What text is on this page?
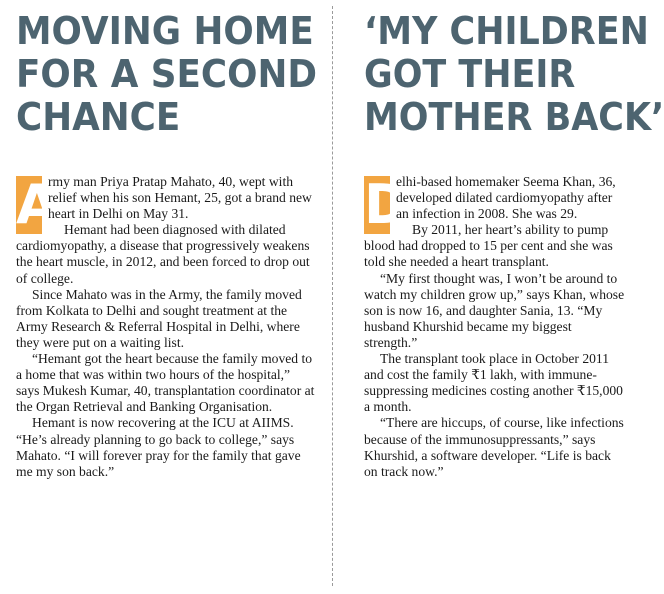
MOVING HOME
FOR A SECOND
CHANCE

A
rmy man Priya Pratap Mahato, 40, wept with relief when his son Hemant, 25, got a brand new heart in Delhi on May 31.

Hemant had been diagnosed with dilated cardiomyopathy, a disease that progressively weakens the heart muscle, in 2012, and been forced to drop out of college.

Since Mahato was in the Army, the family moved from Kolkata to Delhi and sought treatment at the Army Research & Referral Hospital in Delhi, where they were put on a waiting list.

“Hemant got the heart because the family moved to a home that was within two hours of the hospital,” says Mukesh Kumar, 40, transplantation coordinator at the Organ Retrieval and Banking Organisation.

Hemant is now recovering at the ICU at AIIMS. “He’s already planning to go back to college,” says Mahato. “I will forever pray for the family that gave me my son back.”

‘MY CHILDREN
GOT THEIR
MOTHER BACK’

D
elhi-based homemaker Seema Khan, 36, developed dilated cardiomyopathy after an infection in 2008. She was 29.

By 2011, her heart’s ability to pump blood had dropped to 15 per cent and she was told she needed a heart transplant.

“My first thought was, I won’t be around to watch my children grow up,” says Khan, whose son is now 16, and daughter Sania, 13. “My husband Khurshid became my biggest strength.”

The transplant took place in October 2011 and cost the family ₹1 lakh, with immune-suppressing medicines costing another ₹15,000 a month.

“There are hiccups, of course, like infections because of the immunosuppressants,” says Khurshid, a software developer. “Life is back on track now.”
